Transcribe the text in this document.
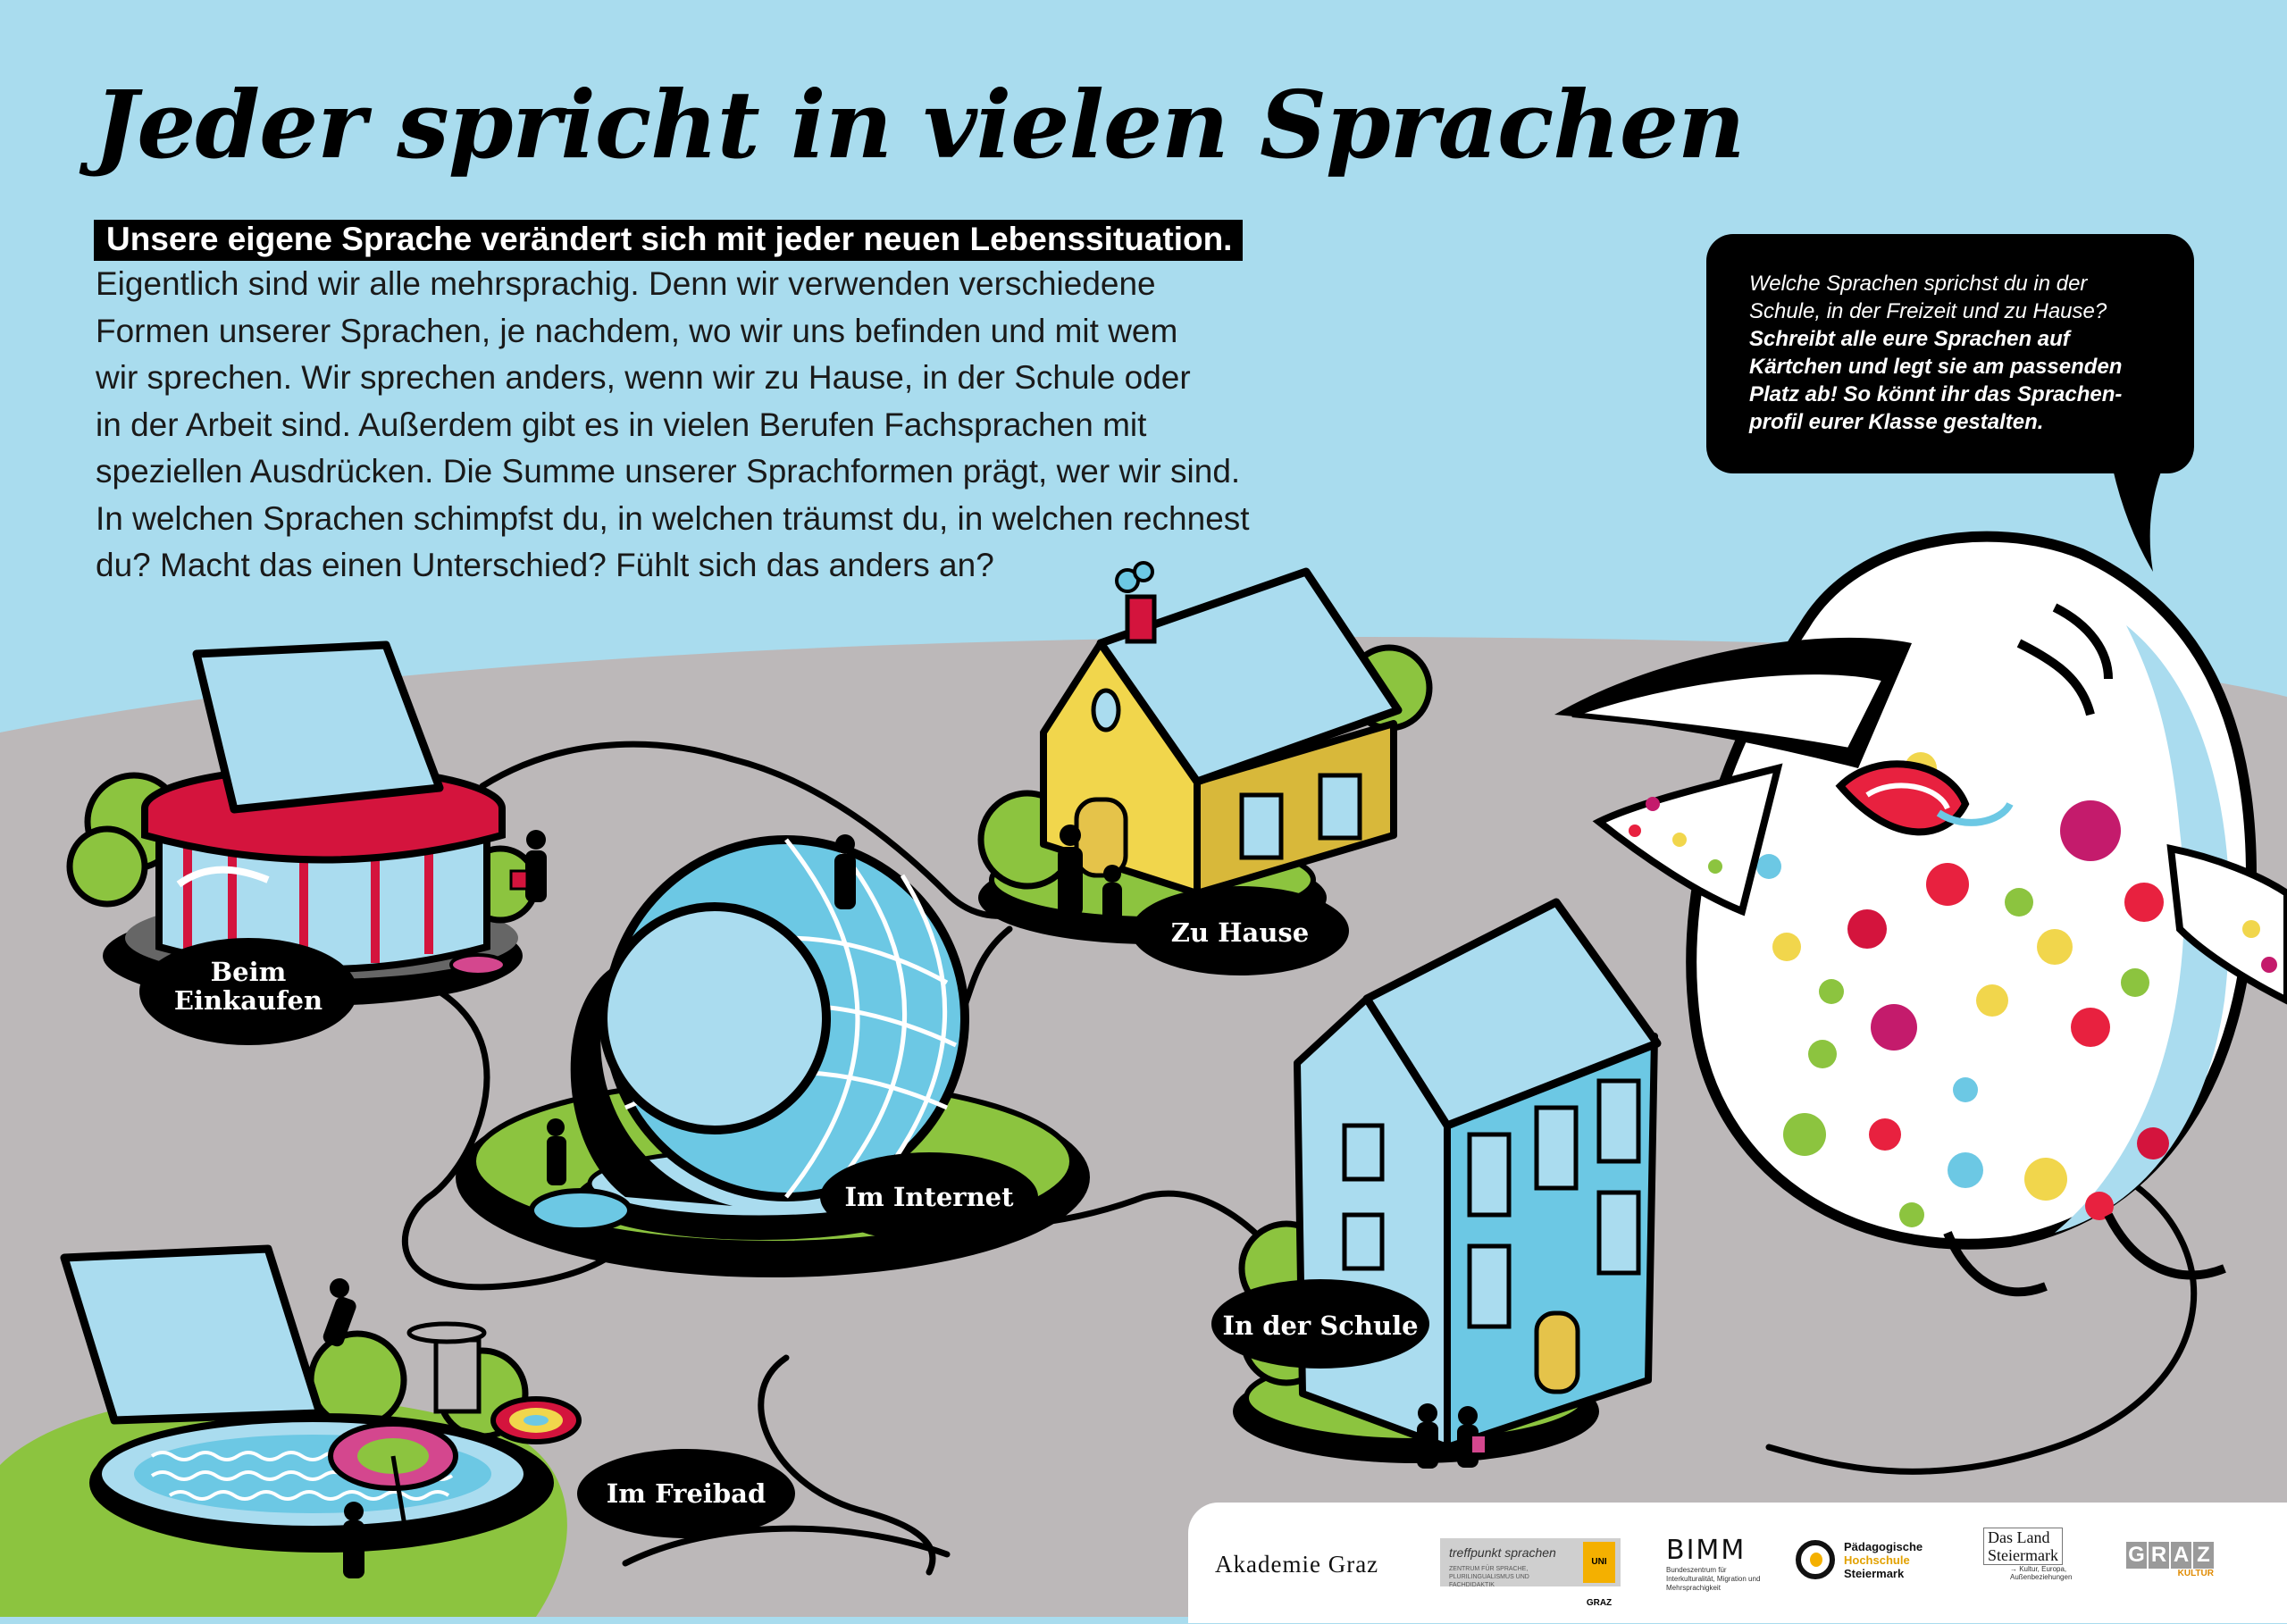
Beim
Einkaufen
Zu Hause
Im Internet
In der Schule
Im Freibad
Jeder spricht in vielen Sprachen
Unsere eigene Sprache verändert sich mit jeder neuen Lebenssituation.
Eigentlich sind wir alle mehrsprachig. Denn wir verwenden verschiedene
Formen unserer Sprachen, je nachdem, wo wir uns befinden und mit wem
wir sprechen. Wir sprechen anders, wenn wir zu Hause, in der Schule oder
in der Arbeit sind. Außerdem gibt es in vielen Berufen Fachsprachen mit
speziellen Ausdrücken. Die Summe unserer Sprachformen prägt, wer wir sind.
In welchen Sprachen schimpfst du, in welchen träumst du, in welchen rechnest
du? Macht das einen Unterschied? Fühlt sich das anders an?
Welche Sprachen sprichst du in der
Schule, in der Freizeit und zu Hause?
Schreibt alle eure Sprachen auf
Kärtchen und legt sie am passenden
Platz ab! So könnt ihr das Sprachen-
profil eurer Klasse gestalten.
Akademie Graz	treffpunkt sprachen
ZENTRUM FÜR SPRACHE, PLURILINGUALISMUS UND FACHDIDAKTIK
UNI GRAZ
BIMM
Bundeszentrum für Interkulturalität, Migration und Mehrsprachigkeit
Pädagogische
Hochschule
Steiermark
Das Land
Steiermark
→ Kultur, Europa, Außenbeziehungen
G R A Z
KULTUR
